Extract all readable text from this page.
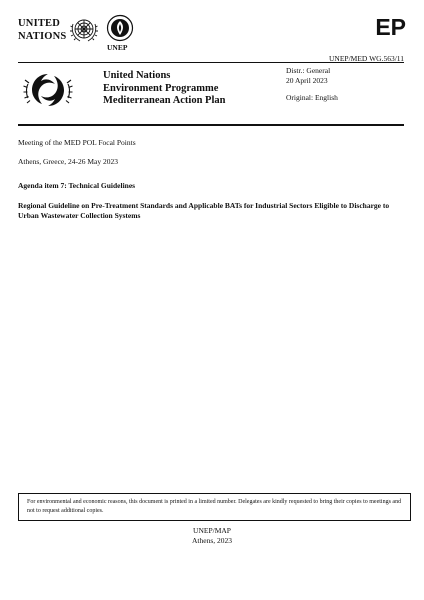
UNITED
NATIONS
UNEP
EP
UNEP/MED WG.563/11
United Nations
Environment Programme
Mediterranean Action Plan
Distr.: General
20 April 2023
Original: English
Meeting of the MED POL Focal Points
Athens, Greece, 24-26 May 2023
Agenda item 7: Technical Guidelines
Regional Guideline on Pre-Treatment Standards and Applicable BATs for Industrial Sectors Eligible to Discharge to Urban Wastewater Collection Systems
For environmental and economic reasons, this document is printed in a limited number. Delegates are kindly requested to bring their copies to meetings and not to request additional copies.
UNEP/MAP
Athens, 2023
